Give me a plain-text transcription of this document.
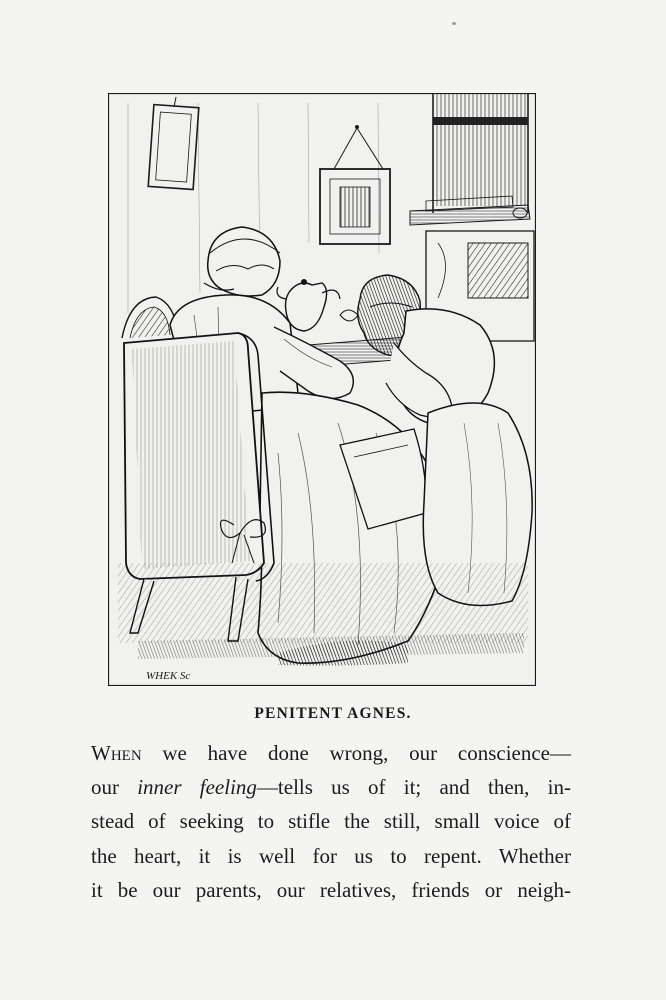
WHEK Sc
PENITENT AGNES.
When we have done wrong, our conscience—
our inner feeling—tells us of it; and then, in-
stead of seeking to stifle the still, small voice of
the heart, it is well for us to repent. Whether
it be our parents, our relatives, friends or neigh-
